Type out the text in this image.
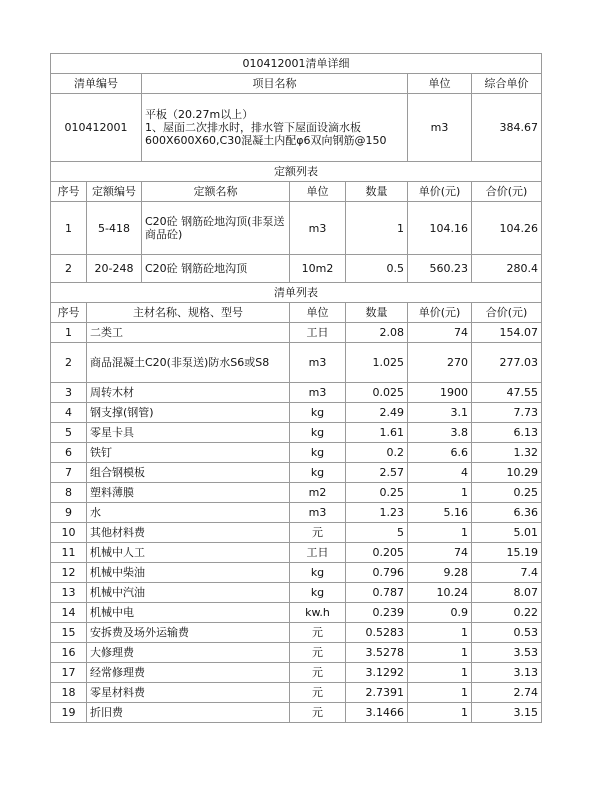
010412001清单详细						
清单编号		项目名称			单位	综合单价
010412001		平板（20.27m以上）
1、屋面二次排水时，排水管下屋面设滴水板
600X600X60,C30混凝土内配φ6双向钢筋@150			m3	384.67
定额列表						
序号	定额编号	定额名称	单位	数量	单价(元)	合价(元)
1	5-418	C20砼 钢筋砼地沟顶(非泵送商品砼)	m3	1	104.16	104.26
2	20-248	C20砼 钢筋砼地沟顶	10m2	0.5	560.23	280.4
清单列表						
序号	主材名称、规格、型号		单位	数量	单价(元)	合价(元)
1	二类工		工日	2.08	74	154.07
2	商品混凝土C20(非泵送)防水S6或S8		m3	1.025	270	277.03
3	周转木材		m3	0.025	1900	47.55
4	钢支撑(钢管)		kg	2.49	3.1	7.73
5	零星卡具		kg	1.61	3.8	6.13
6	铁钉		kg	0.2	6.6	1.32
7	组合钢模板		kg	2.57	4	10.29
8	塑料薄膜		m2	0.25	1	0.25
9	水		m3	1.23	5.16	6.36
10	其他材料费		元	5	1	5.01
11	机械中人工		工日	0.205	74	15.19
12	机械中柴油		kg	0.796	9.28	7.4
13	机械中汽油		kg	0.787	10.24	8.07
14	机械中电		kw.h	0.239	0.9	0.22
15	安拆费及场外运输费		元	0.5283	1	0.53
16	大修理费		元	3.5278	1	3.53
17	经常修理费		元	3.1292	1	3.13
18	零星材料费		元	2.7391	1	2.74
19	折旧费		元	3.1466	1	3.15
